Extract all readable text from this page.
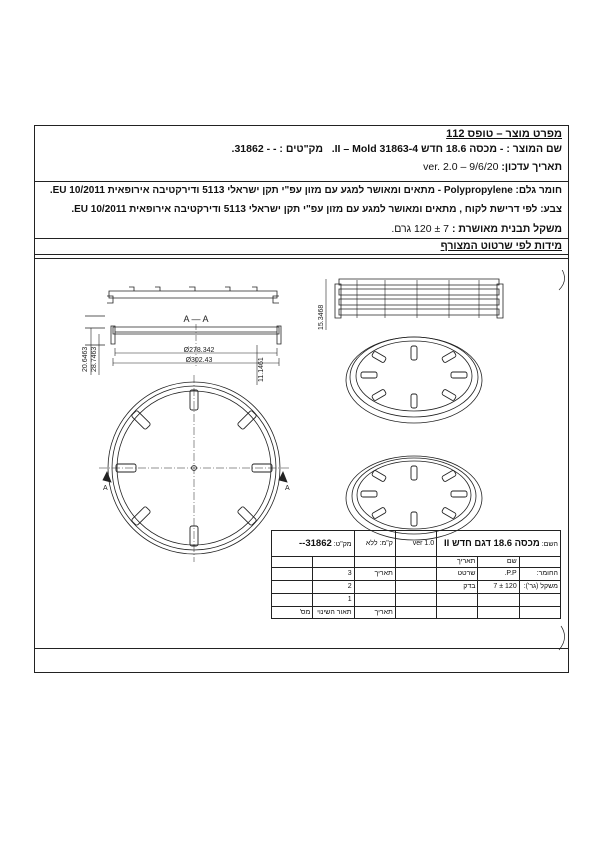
מפרט מוצר – טופס 112
שם המוצר : - מכסה 18.6 חדש II – Mold 31863-4.   מק"טים : - - 31862.
תאריך עדכון: 9/6/20 – ver. 2.0
חומר גלם: Polypropylene - מתאים ומאושר למגע עם מזון עפ"י תקן ישראלי 5113 ודירקטיבה אירופאית EU 10/2011.
צבע: לפי דרישת לקוח , מתאים ומאושר למגע עם מזון עפ"י תקן ישראלי 5113 ודירקטיבה אירופאית EU 10/2011.
משקל תבנית מאושרת : 7 ± 120 גרם.
מידות לפי שרטוט המצורף
A — A
Ø278.342
Ø302.43
20.6463 28.7463	11.1461
15.3468
A	A
השם: מכסה 18.6 דגם חדש II			ver 1.0	ק"מ: ללא	מק"ט: 31862--	
	שם	תאריך				
החומר:	P.P.	שרטט		תאריך	3	
משקל (גר'):	120 ± 7	בדק			2	
					1	
				תאריך	תאור השינוי	מס'
